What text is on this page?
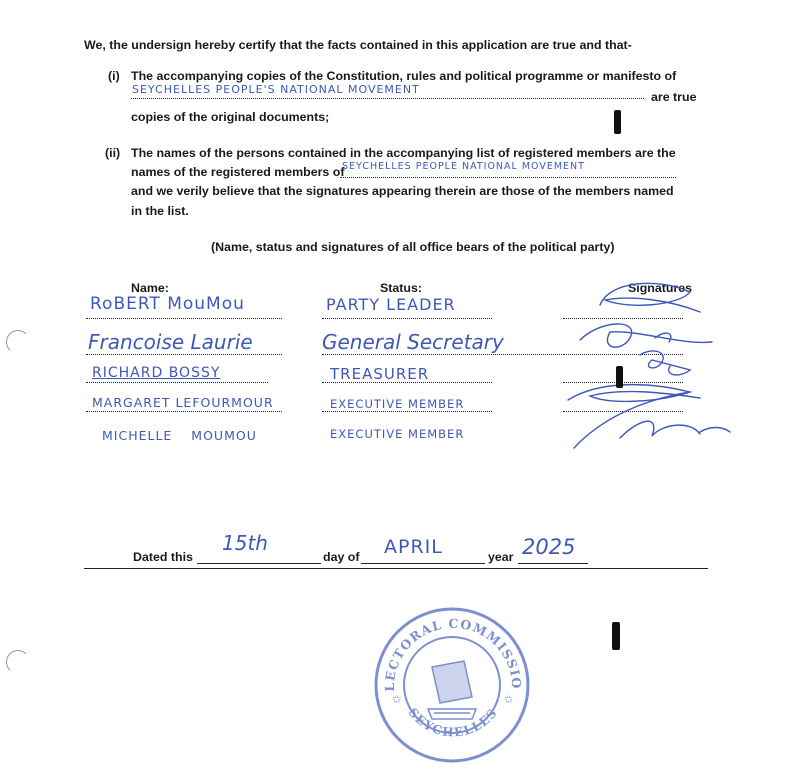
We, the undersign hereby certify that the facts contained in this application are true and that-
(i) The accompanying copies of the Constitution, rules and political programme or manifesto of
SEYCHELLES PEOPLE'S NATIONAL MOVEMENT
are true
copies of the original documents;
(ii) The names of the persons contained in the accompanying list of registered members are the
names of the registered members of
SEYCHELLES PEOPLE NATIONAL MOVEMENT
and we verily believe that the signatures appearing therein are those of the members named
in the list.
(Name, status and signatures of all office bears of the political party)
Name:	Status:	Signatures
RoBERT MouMou	PARTY LEADER
Francoise Laurie	General Secretary
RICHARD BOSSY	TREASURER
MARGARET LEFOURMOUR	EXECUTIVE MEMBER
MICHELLE MOUMOU	EXECUTIVE MEMBER
Dated this
15th
day of APRIL	year 2025
ELECTORAL COMMISSION
SEYCHELLES
✩	✩
